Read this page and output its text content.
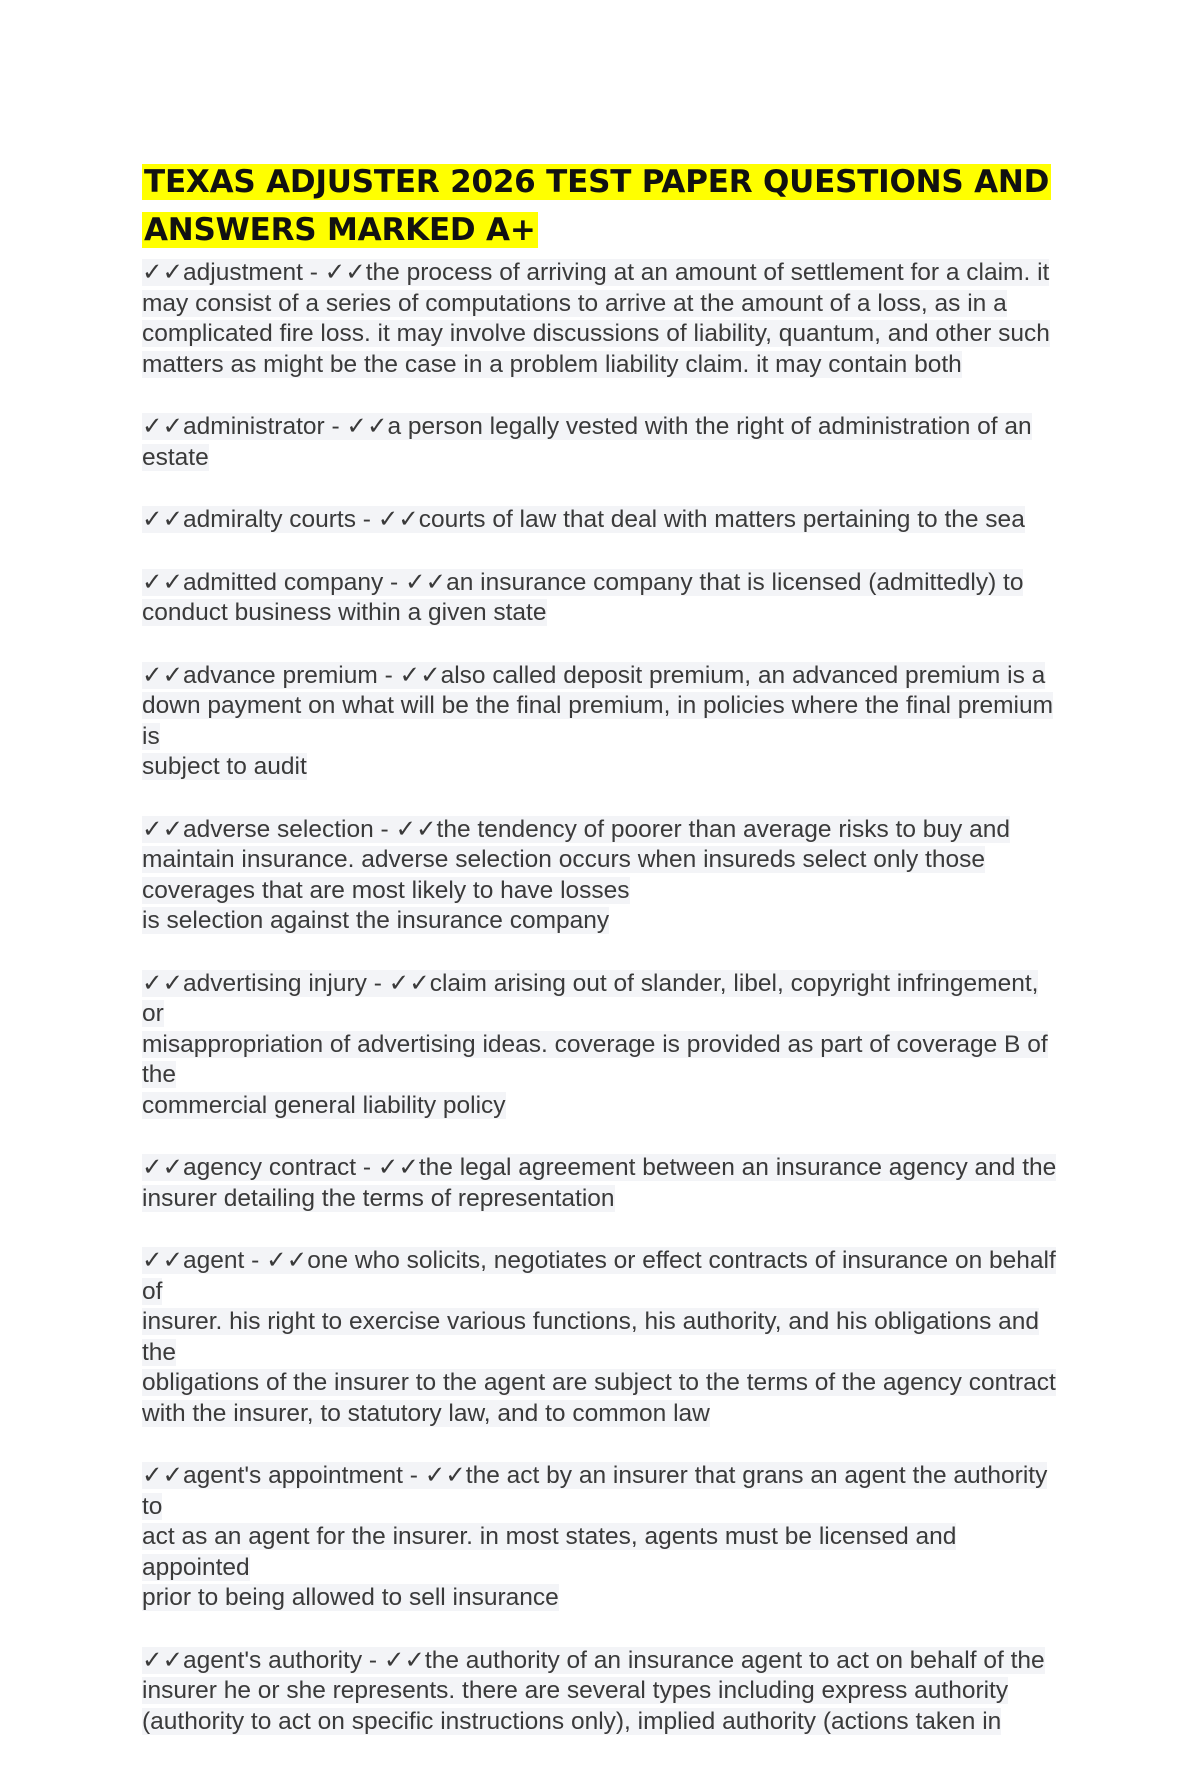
TEXAS ADJUSTER 2026 TEST PAPER QUESTIONS AND ANSWERS MARKED A+

✓✓adjustment - ✓✓the process of arriving at an amount of settlement for a claim. it
may consist of a series of computations to arrive at the amount of a loss, as in a
complicated fire loss. it may involve discussions of liability, quantum, and other such
matters as might be the case in a problem liability claim. it may contain both

✓✓administrator - ✓✓a person legally vested with the right of administration of an
estate

✓✓admiralty courts - ✓✓courts of law that deal with matters pertaining to the sea

✓✓admitted company - ✓✓an insurance company that is licensed (admittedly) to
conduct business within a given state

✓✓advance premium - ✓✓also called deposit premium, an advanced premium is a
down payment on what will be the final premium, in policies where the final premium is
subject to audit

✓✓adverse selection - ✓✓the tendency of poorer than average risks to buy and
maintain insurance. adverse selection occurs when insureds select only those
coverages that are most likely to have losses
is selection against the insurance company

✓✓advertising injury - ✓✓claim arising out of slander, libel, copyright infringement, or
misappropriation of advertising ideas. coverage is provided as part of coverage B of the
commercial general liability policy

✓✓agency contract - ✓✓the legal agreement between an insurance agency and the
insurer detailing the terms of representation

✓✓agent - ✓✓one who solicits, negotiates or effect contracts of insurance on behalf of
insurer. his right to exercise various functions, his authority, and his obligations and the
obligations of the insurer to the agent are subject to the terms of the agency contract
with the insurer, to statutory law, and to common law

✓✓agent's appointment - ✓✓the act by an insurer that grans an agent the authority to
act as an agent for the insurer. in most states, agents must be licensed and appointed
prior to being allowed to sell insurance

✓✓agent's authority - ✓✓the authority of an insurance agent to act on behalf of the
insurer he or she represents. there are several types including express authority
(authority to act on specific instructions only), implied authority (actions taken in
